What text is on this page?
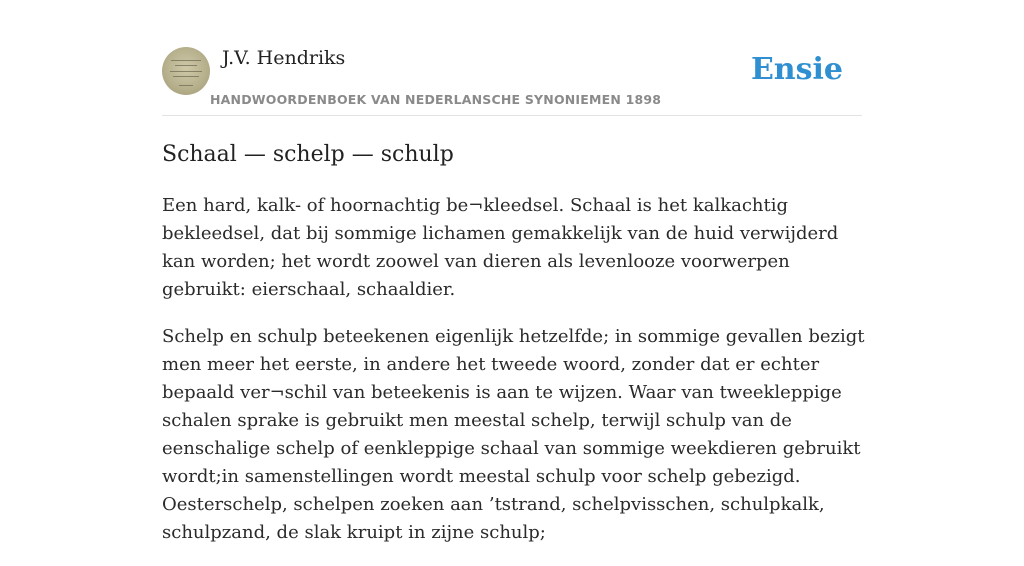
J.V. Hendriks
HANDWOORDENBOEK VAN NEDERLANSCHE SYNONIEMEN 1898
Ensie
Schaal — schelp — schulp

Een hard, kalk- of hoornachtig be¬kleedsel. Schaal is het kalkachtig bekleedsel, dat bij sommige lichamen gemakkelijk van de huid verwijderd kan worden; het wordt zoowel van dieren als levenlooze voorwerpen gebruikt: eierschaal, schaaldier.

Schelp en schulp beteekenen eigenlijk hetzelfde; in sommige gevallen bezigt men meer het eerste, in andere het tweede woord, zonder dat er echter bepaald ver¬schil van beteekenis is aan te wijzen. Waar van tweekleppige schalen sprake is gebruikt men meestal schelp, terwijl schulp van de eenschalige schelp of eenkleppige schaal van sommige weekdieren gebruikt wordt;in samenstellingen wordt meestal schulp voor schelp gebezigd. Oesterschelp, schelpen zoeken aan ’tstrand, schelpvisschen, schulpkalk, schulpzand, de slak kruipt in zijne schulp;
